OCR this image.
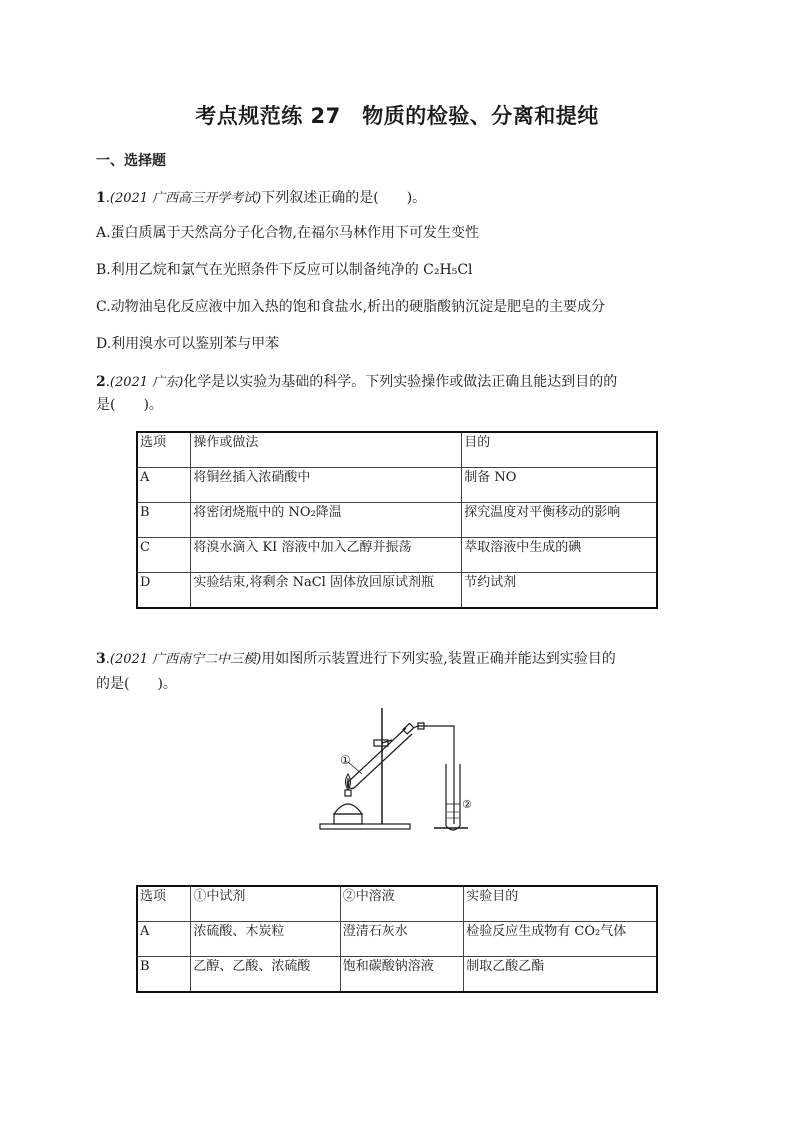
考点规范练 27　物质的检验、分离和提纯
一、选择题
1.(2021 广西高三开学考试)下列叙述正确的是(　　)。
A.蛋白质属于天然高分子化合物,在福尔马林作用下可发生变性
B.利用乙烷和氯气在光照条件下反应可以制备纯净的 C₂H₅Cl
C.动物油皂化反应液中加入热的饱和食盐水,析出的硬脂酸钠沉淀是肥皂的主要成分
D.利用溴水可以鉴别苯与甲苯
2.(2021 广东)化学是以实验为基础的科学。下列实验操作或做法正确且能达到目的的
是(　　)。
选项	操作或做法	目的
A	将铜丝插入浓硝酸中	制备 NO
B	将密闭烧瓶中的 NO₂降温	探究温度对平衡移动的影响
C	将溴水滴入 KI 溶液中加入乙醇并振荡	萃取溶液中生成的碘
D	实验结束,将剩余 NaCl 固体放回原试剂瓶	节约试剂
3.(2021 广西南宁二中三模)用如图所示装置进行下列实验,装置正确并能达到实验目的
的是(　　)。
①
②
选项	①中试剂	②中溶液	实验目的
A	浓硫酸、木炭粒	澄清石灰水	检验反应生成物有 CO₂气体
B	乙醇、乙酸、浓硫酸	饱和碳酸钠溶液	制取乙酸乙酯
